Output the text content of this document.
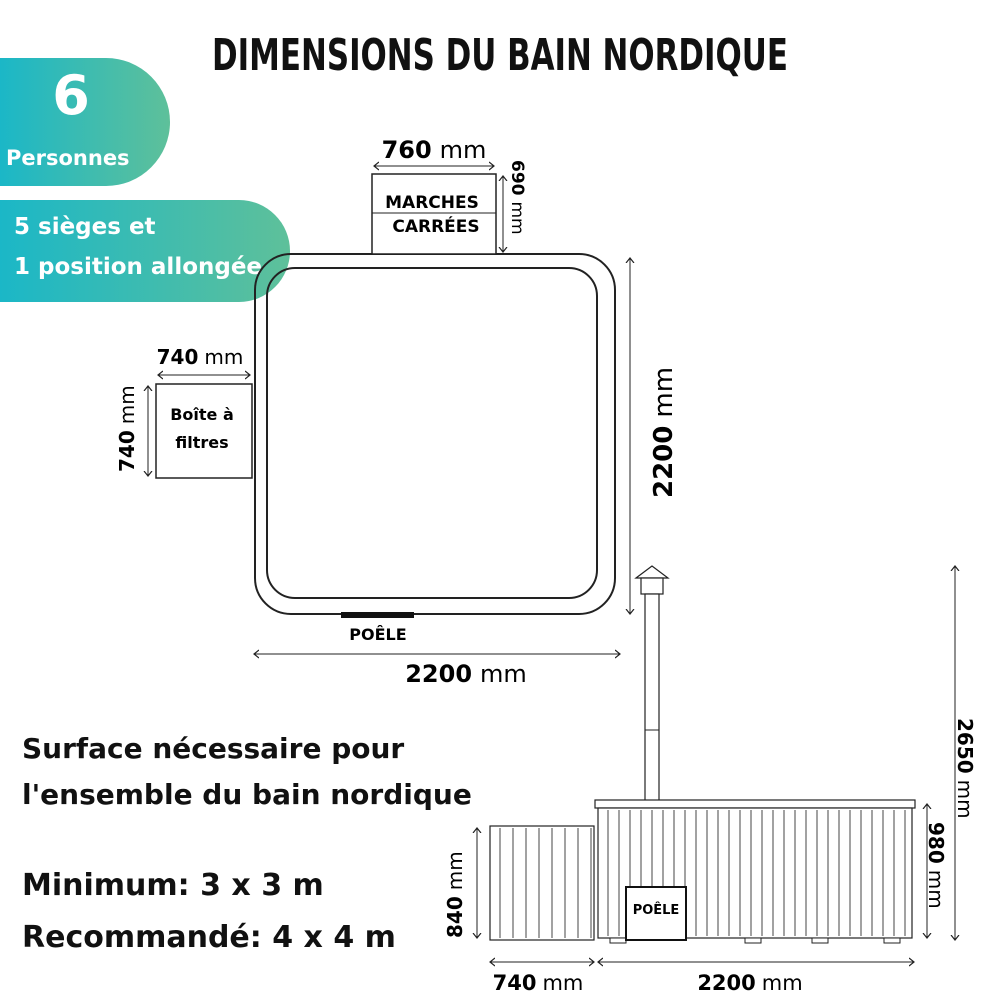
DIMENSIONS DU BAIN NORDIQUE
6
Personnes
5 sièges et
1 position allongée
MARCHES
CARRÉES
760 mm
690mm
Boîte à
filtres
740 mm
740mm
2200mm
POÊLE
2200 mm
POÊLE
2650mm
980mm
840mm
740 mm	2200 mm
Surface nécessaire pour
l'ensemble du bain nordique
Minimum: 3 x 3 m
Recommandé: 4 x 4 m
